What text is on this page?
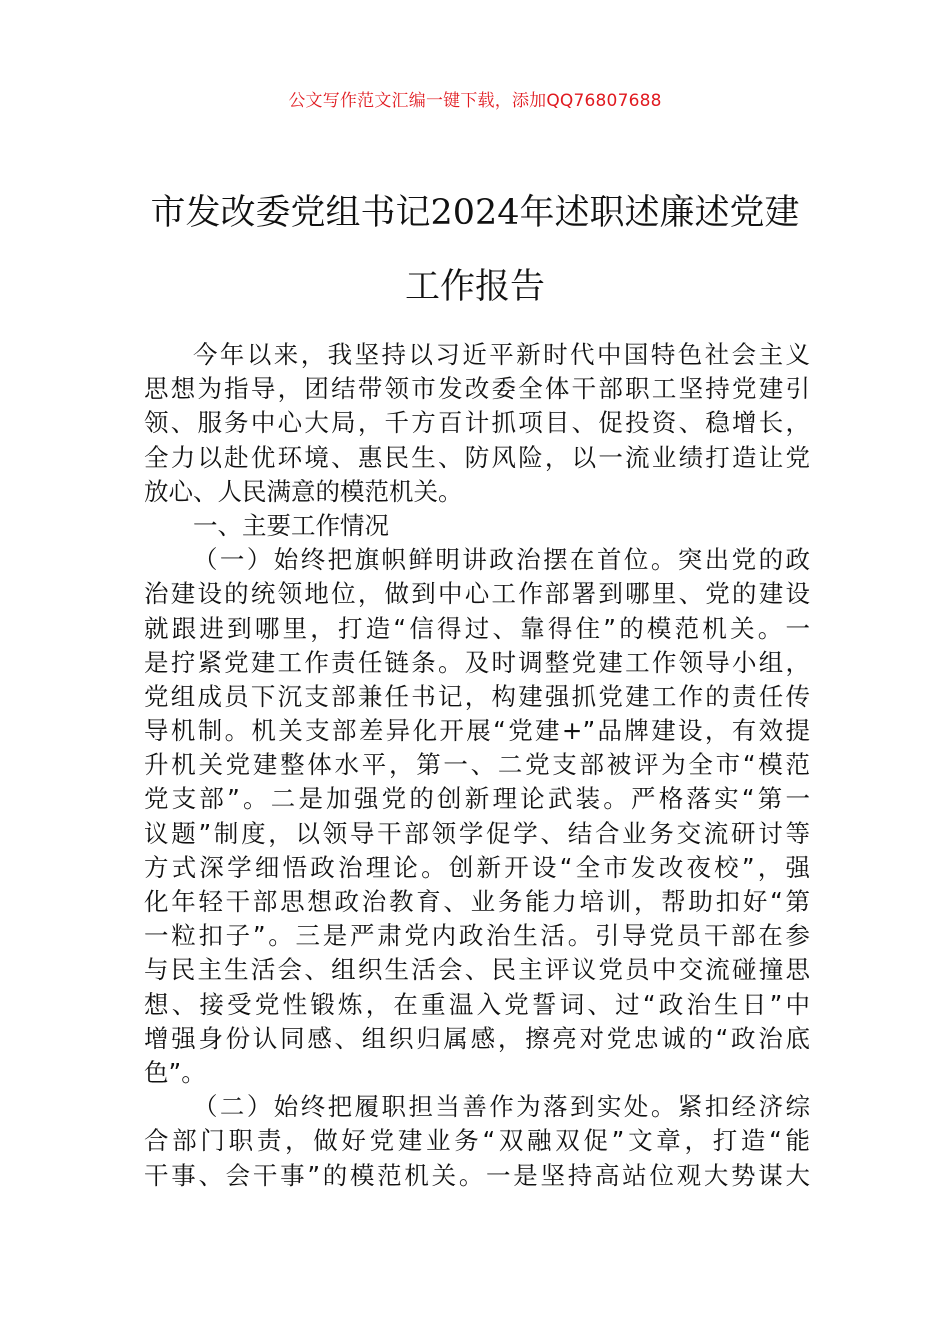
公文写作范文汇编一键下载，添加QQ76807688
市发改委党组书记2024年述职述廉述党建
工作报告
今年以来，我坚持以习近平新时代中国特色社会主义
思想为指导，团结带领市发改委全体干部职工坚持党建引
领、服务中心大局，千方百计抓项目、促投资、稳增长，
全力以赴优环境、惠民生、防风险，以一流业绩打造让党
放心、人民满意的模范机关。
一、主要工作情况
（一）始终把旗帜鲜明讲政治摆在首位。突出党的政
治建设的统领地位，做到中心工作部署到哪里、党的建设
就跟进到哪里，打造“信得过、靠得住”的模范机关。一
是拧紧党建工作责任链条。及时调整党建工作领导小组，
党组成员下沉支部兼任书记，构建强抓党建工作的责任传
导机制。机关支部差异化开展“党建+”品牌建设，有效提
升机关党建整体水平，第一、二党支部被评为全市“模范
党支部”。二是加强党的创新理论武装。严格落实“第一
议题”制度，以领导干部领学促学、结合业务交流研讨等
方式深学细悟政治理论。创新开设“全市发改夜校”，强
化年轻干部思想政治教育、业务能力培训，帮助扣好“第
一粒扣子”。三是严肃党内政治生活。引导党员干部在参
与民主生活会、组织生活会、民主评议党员中交流碰撞思
想、接受党性锻炼，在重温入党誓词、过“政治生日”中
增强身份认同感、组织归属感，擦亮对党忠诚的“政治底
色”。
（二）始终把履职担当善作为落到实处。紧扣经济综
合部门职责，做好党建业务“双融双促”文章，打造“能
干事、会干事”的模范机关。一是坚持高站位观大势谋大
